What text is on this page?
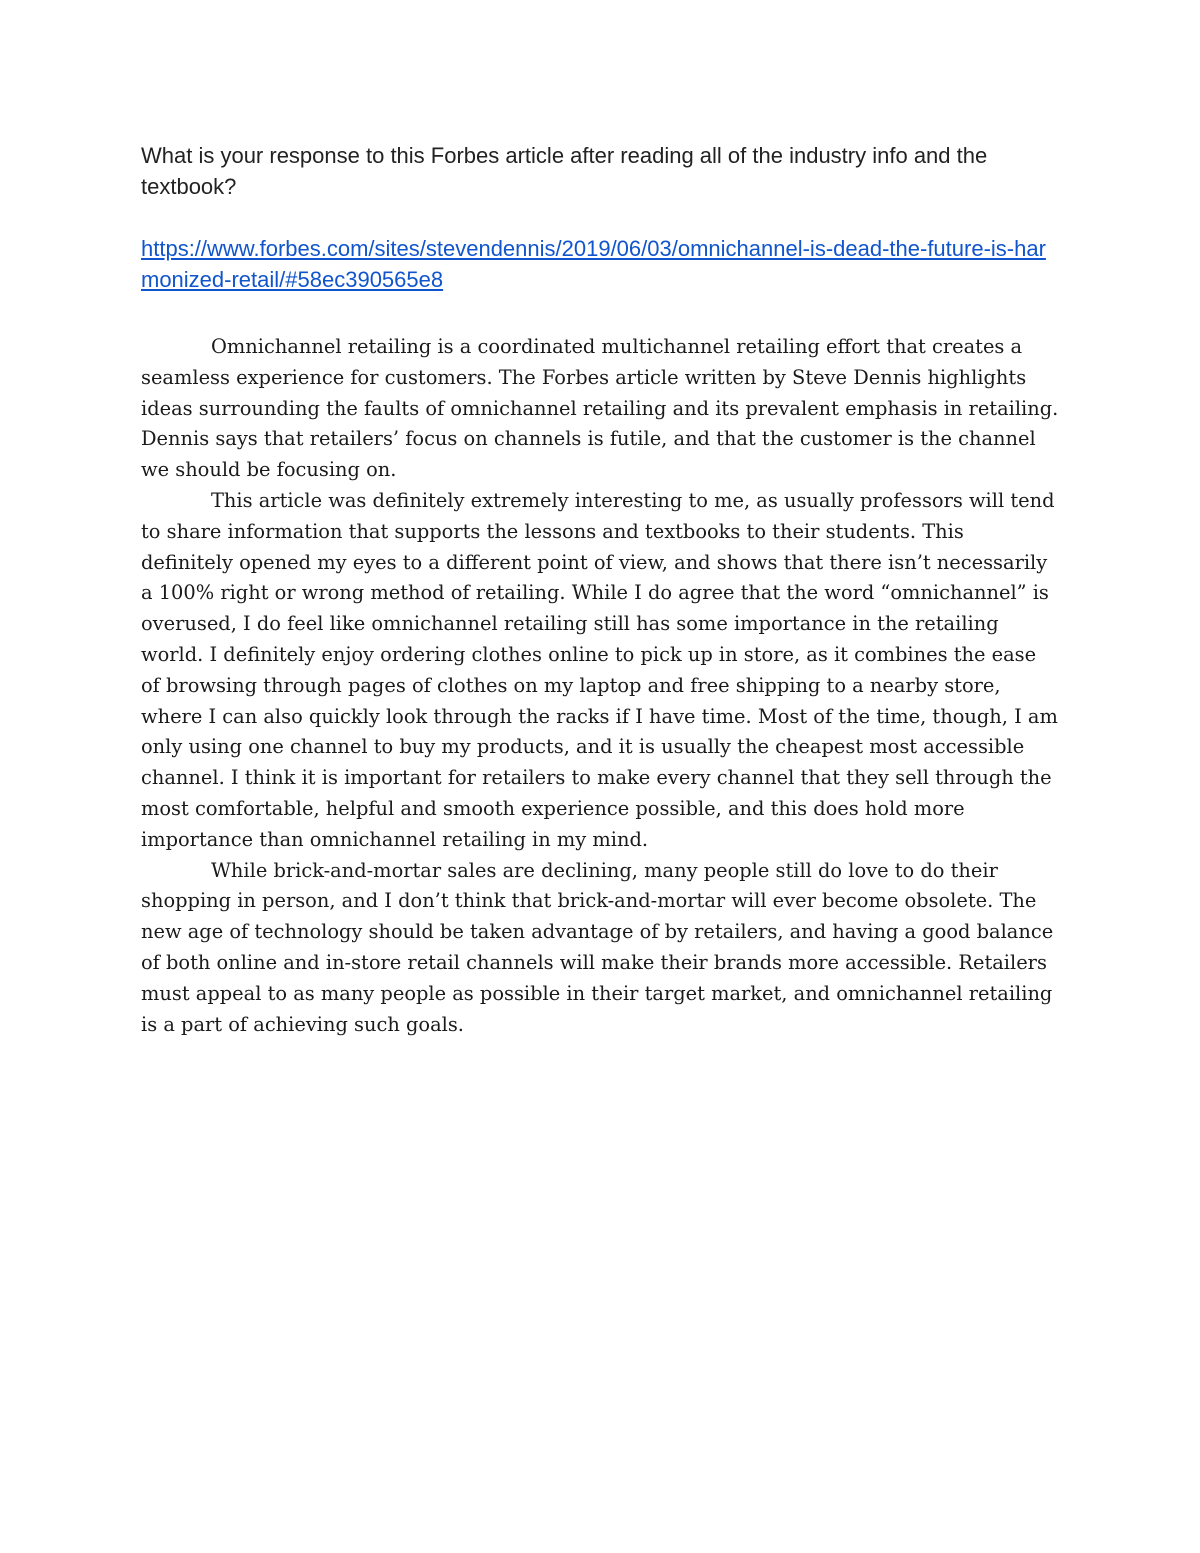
What is your response to this Forbes article after reading all of the industry info and the textbook?

https://www.forbes.com/sites/stevendennis/2019/06/03/omnichannel-is-dead-the-future-is-harmonized-retail/#58ec390565e8

Omnichannel retailing is a coordinated multichannel retailing effort that creates a seamless experience for customers. The Forbes article written by Steve Dennis highlights ideas surrounding the faults of omnichannel retailing and its prevalent emphasis in retailing. Dennis says that retailers’ focus on channels is futile, and that the customer is the channel we should be focusing on.

This article was definitely extremely interesting to me, as usually professors will tend to share information that supports the lessons and textbooks to their students. This definitely opened my eyes to a different point of view, and shows that there isn’t necessarily a 100% right or wrong method of retailing. While I do agree that the word “omnichannel” is overused, I do feel like omnichannel retailing still has some importance in the retailing world. I definitely enjoy ordering clothes online to pick up in store, as it combines the ease of browsing through pages of clothes on my laptop and free shipping to a nearby store, where I can also quickly look through the racks if I have time. Most of the time, though, I am only using one channel to buy my products, and it is usually the cheapest most accessible channel. I think it is important for retailers to make every channel that they sell through the most comfortable, helpful and smooth experience possible, and this does hold more importance than omnichannel retailing in my mind.

While brick-and-mortar sales are declining, many people still do love to do their shopping in person, and I don’t think that brick-and-mortar will ever become obsolete. The new age of technology should be taken advantage of by retailers, and having a good balance of both online and in-store retail channels will make their brands more accessible. Retailers must appeal to as many people as possible in their target market, and omnichannel retailing is a part of achieving such goals.
